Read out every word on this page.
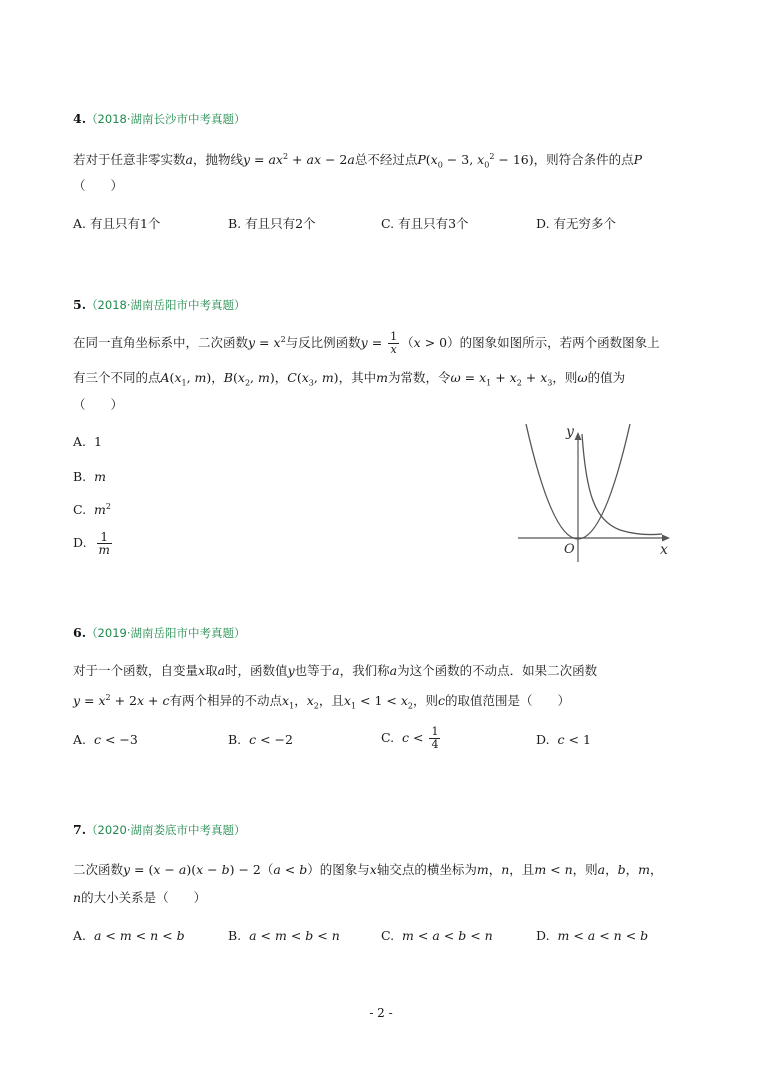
4.（2018·湖南长沙市中考真题）
若对于任意非零实数a，抛物线$y = ax^2$ + ax − 2a总不经过点$P(x_0 - 3$, $x_0^2 - 16$)，则符合条件的点P
（　　）
A. 有且只有1个	B. 有且只有2个	C. 有且只有3个	D. 有无穷多个
5.（2018·湖南岳阳市中考真题）
在同一直角坐标系中，二次函数$y = x^2$与反比例函数$y = \frac{1}{x} (x > 0)$的图象如图所示，若两个函数图象上
有三个不同的点$A(x_1$, m)，$B(x_2$, m)，$C(x_3$, m)，其中m为常数，令$\omega = x_1 + x_2 + x_3$，则ω的值为
（　　）
A. 1
B. m
C. $m^2$
D. $\frac{1}{m}$
y
x
O
6.（2019·湖南岳阳市中考真题）
对于一个函数，自变量x取a时，函数值y也等于a，我们称a为这个函数的不动点．如果二次函数
$y = x^2 + 2x + c$有两个相异的不动点$x_1$，$x_2$，且$x_1 < 1 < x_2$，则c的取值范围是（　　）
A. c < −3	B. c < −2	C. $c < \frac{1}{4}$	D. c < 1
7.（2020·湖南娄底市中考真题）
二次函数y = (x − a)(x − b) − 2（a < b）的图象与x轴交点的横坐标为m，n，且m < n，则a，b，m，
n的大小关系是（　　）
A. a < m < n < b	B. a < m < b < n	C. m < a < b < n	D. m < a < n < b
- 2 -
